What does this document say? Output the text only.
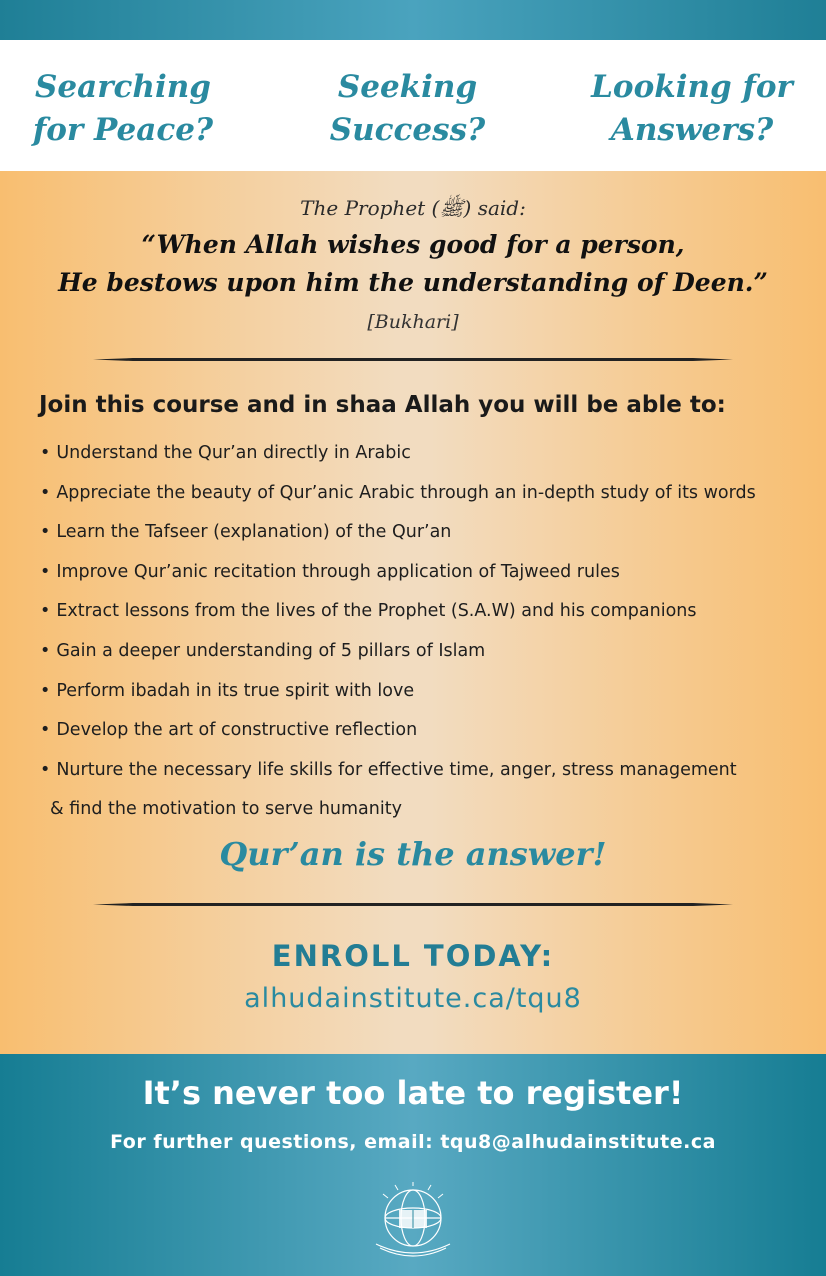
Searching
for Peace?
Seeking
Success?
Looking for
Answers?
The Prophet (ﷺ) said:
“When Allah wishes good for a person,
He bestows upon him the understanding of Deen.”
[Bukhari]
Join this course and in shaa Allah you will be able to:
• Understand the Qur’an directly in Arabic
• Appreciate the beauty of Qur’anic Arabic through an in-depth study of its words
• Learn the Tafseer (explanation) of the Qur’an
• Improve Qur’anic recitation through application of Tajweed rules
• Extract lessons from the lives of the Prophet (S.A.W) and his companions
• Gain a deeper understanding of 5 pillars of Islam
• Perform ibadah in its true spirit with love
• Develop the art of constructive reflection
• Nurture the necessary life skills for effective time, anger, stress management
& find the motivation to serve humanity
Qur’an is the answer!
ENROLL TODAY:
alhudainstitute.ca/tqu8
It’s never too late to register!
For further questions, email: tqu8@alhudainstitute.ca
